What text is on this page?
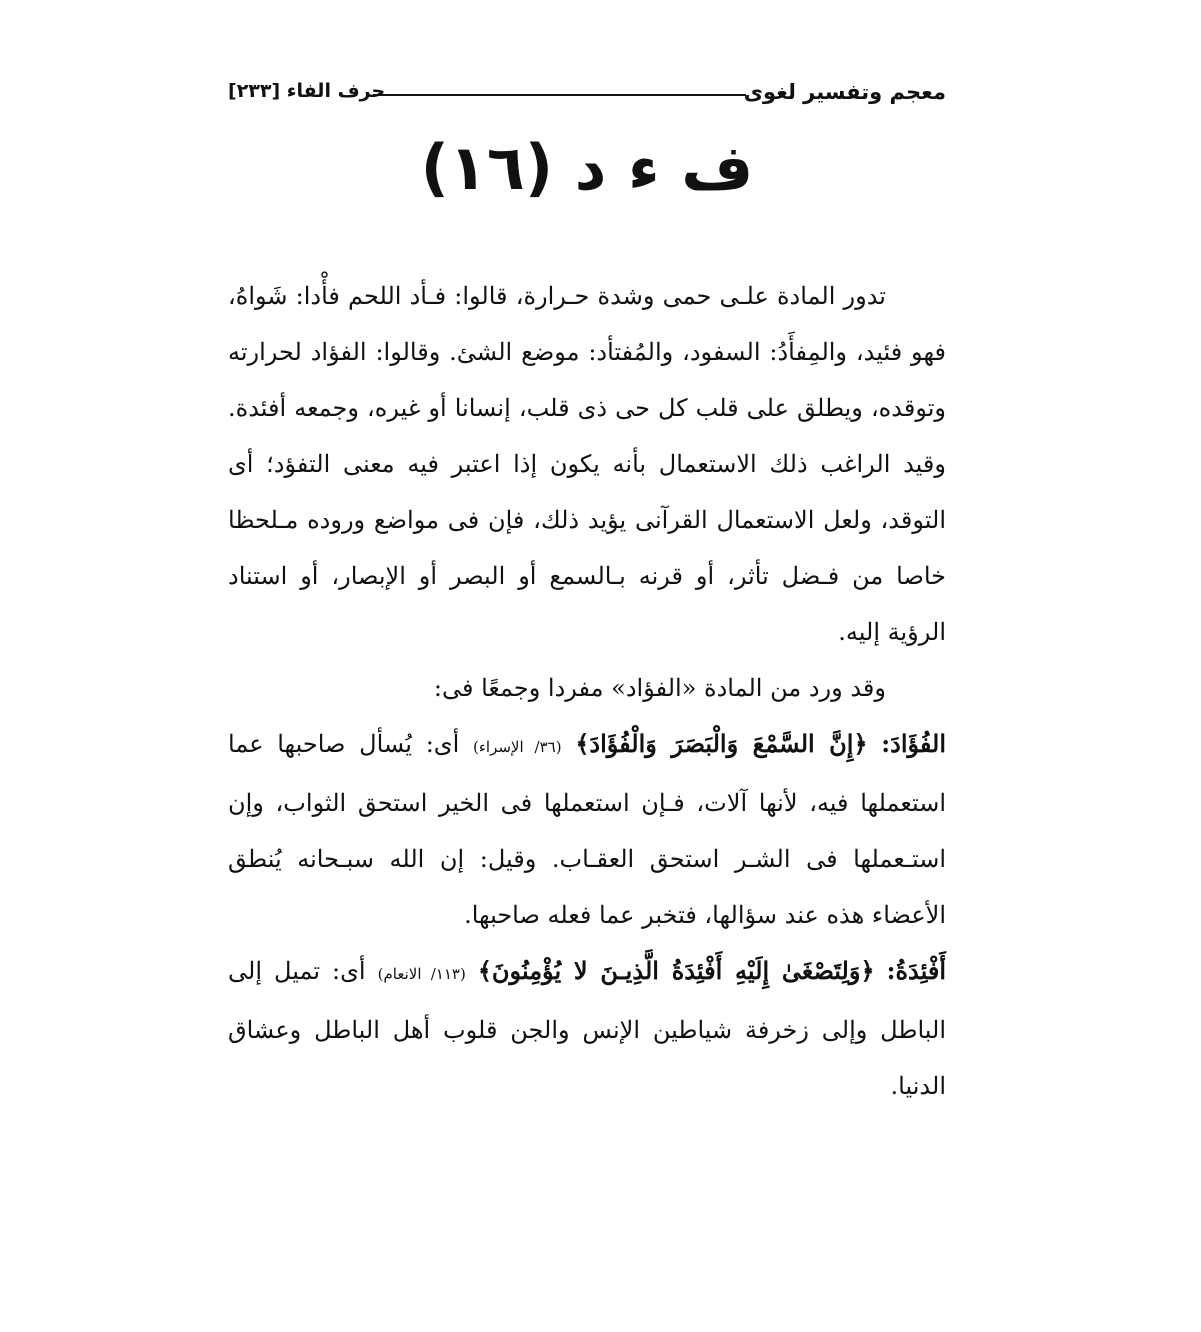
معجم وتفسير لغوى
حرف الفاء [٢٣٣]
ف ء د (١٦)

تدور المادة علـى حمى وشدة حـرارة، قالوا: فـأد اللحم فأْدا: شَواهُ، فهو فئيد، والمِفأَدُ: السفود، والمُفتأد: موضع الشئ. وقالوا: الفؤاد لحرارته وتوقده، ويطلق على قلب كل حى ذى قلب، إنسانا أو غيره، وجمعه أفئدة. وقيد الراغب ذلك الاستعمال بأنه يكون إذا اعتبر فيه معنى التفؤد؛ أى التوقد، ولعل الاستعمال القرآنى يؤيد ذلك، فإن فى مواضع وروده مـلحظا خاصا من فـضل تأثر، أو قرنه بـالسمع أو البصر أو الإبصار، أو استناد الرؤية إليه.

وقد ورد من المادة «الفؤاد» مفردا وجمعًا فى:

الفُؤَادَ: ﴿إِنَّ السَّمْعَ وَالْبَصَرَ وَالْفُؤَادَ﴾ (٣٦/ الإسراء) أى: يُسأل صاحبها عما استعملها فيه، لأنها آلات، فـإن استعملها فى الخير استحق الثواب، وإن استـعملها فى الشـر استحق العقـاب. وقيل: إن الله سبـحانه يُنطق الأعضاء هذه عند سؤالها، فتخبر عما فعله صاحبها.

أَفْئِدَةُ: ﴿وَلِتَصْغَىٰ إِلَيْهِ أَفْئِدَةُ الَّذِيـنَ لا يُؤْمِنُونَ﴾ (١١٣/ الانعام) أى: تميل إلى الباطل وإلى زخرفة شياطين الإنس والجن قلوب أهل الباطل وعشاق الدنيا.
